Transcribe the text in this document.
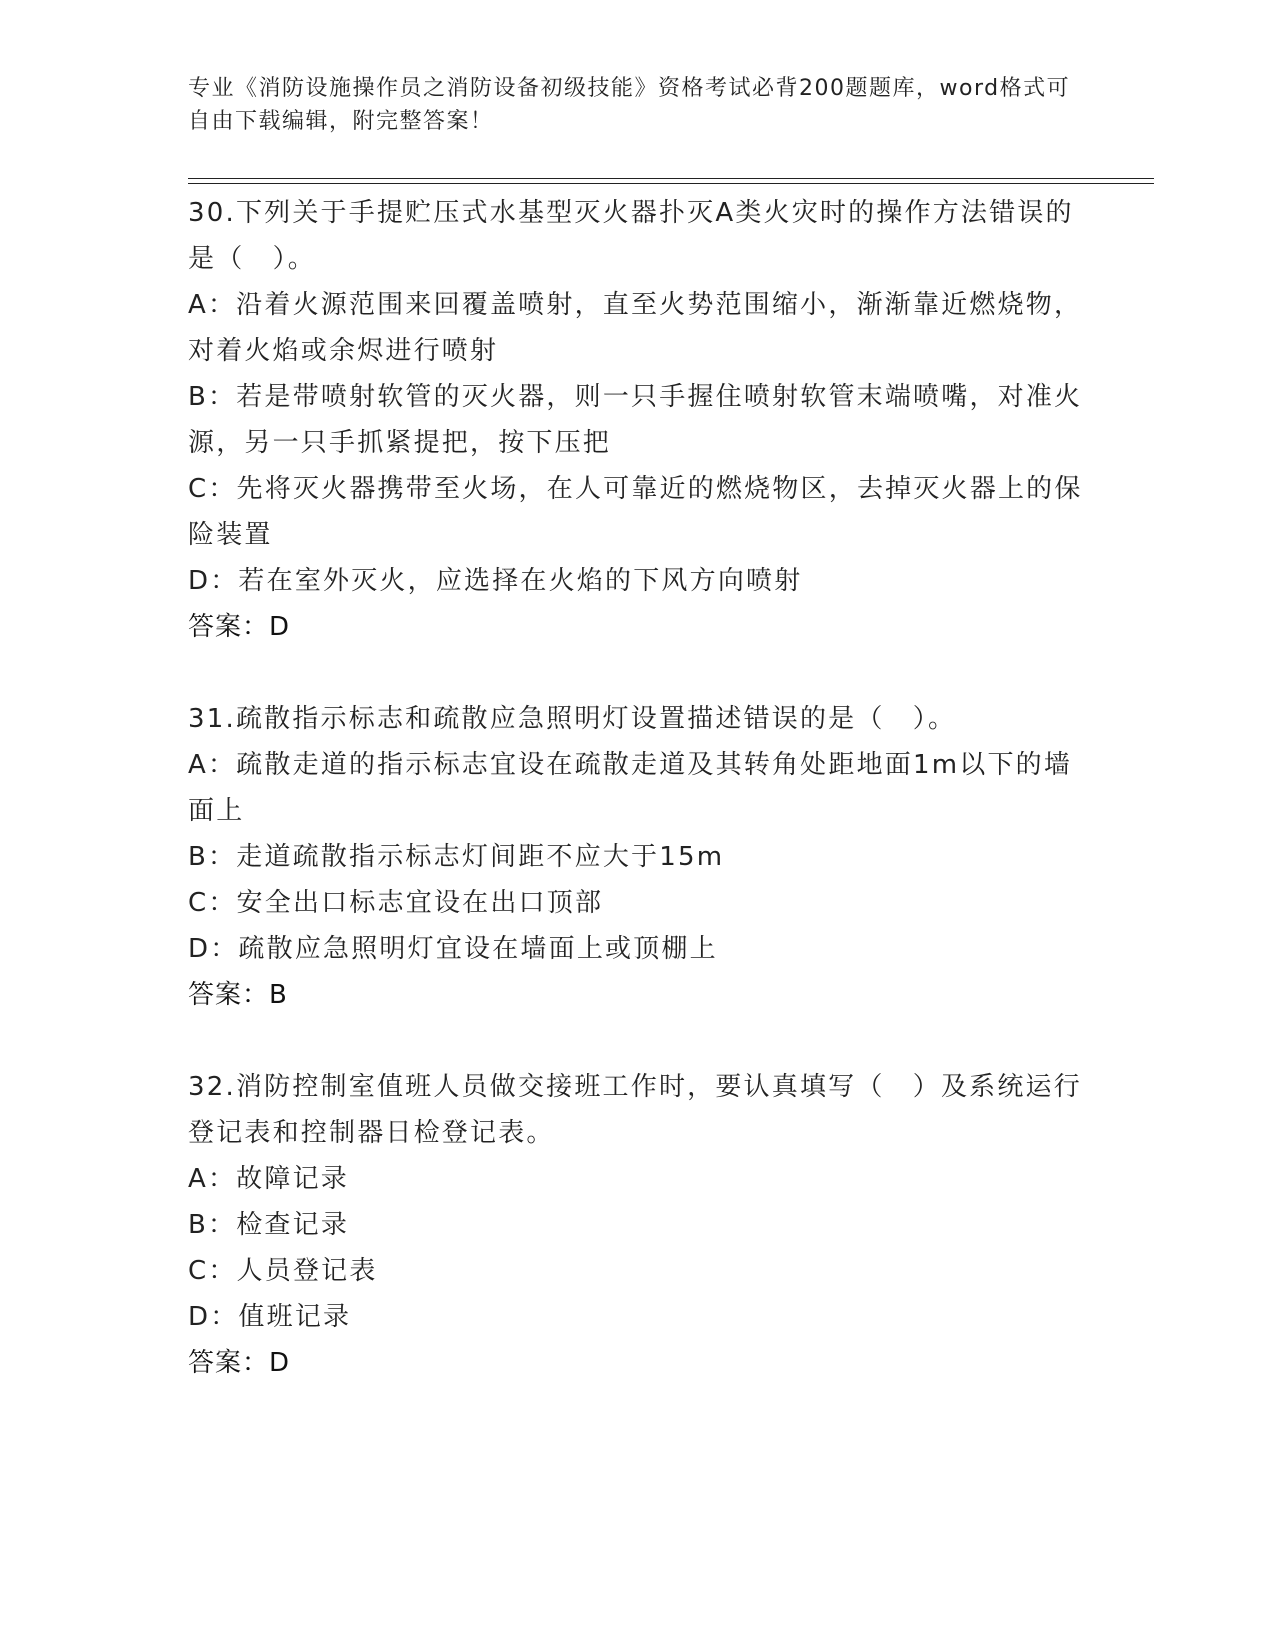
专业《消防设施操作员之消防设备初级技能》资格考试必背200题题库，word格式可自由下载编辑，附完整答案！
30.下列关于手提贮压式水基型灭火器扑灭A类火灾时的操作方法错误的是（　）。
A：沿着火源范围来回覆盖喷射，直至火势范围缩小，渐渐靠近燃烧物，对着火焰或余烬进行喷射
B：若是带喷射软管的灭火器，则一只手握住喷射软管末端喷嘴，对准火源，另一只手抓紧提把，按下压把
C：先将灭火器携带至火场，在人可靠近的燃烧物区，去掉灭火器上的保险装置
D：若在室外灭火，应选择在火焰的下风方向喷射
答案：D
31.疏散指示标志和疏散应急照明灯设置描述错误的是（　）。
A：疏散走道的指示标志宜设在疏散走道及其转角处距地面1m以下的墙面上
B：走道疏散指示标志灯间距不应大于15m
C：安全出口标志宜设在出口顶部
D：疏散应急照明灯宜设在墙面上或顶棚上
答案：B
32.消防控制室值班人员做交接班工作时，要认真填写（　）及系统运行登记表和控制器日检登记表。
A：故障记录
B：检查记录
C：人员登记表
D：值班记录
答案：D
